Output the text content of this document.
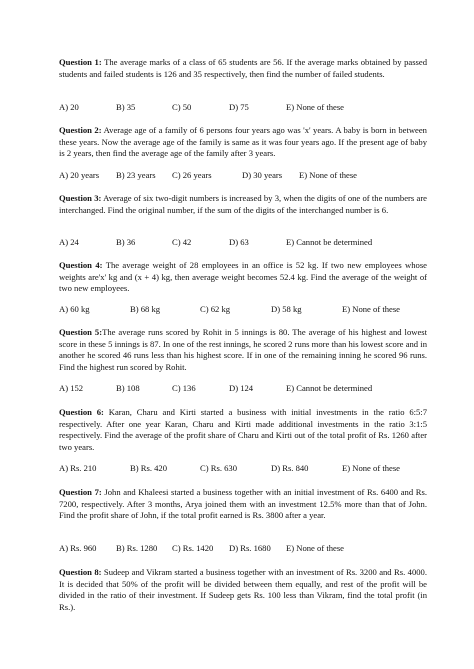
Question 1: The average marks of a class of 65 students are 56. If the average marks obtained by passed students and failed students is 126 and 35 respectively, then find the number of failed students.
A) 20	B) 35	C) 50	D) 75	E) None of these
Question 2: Average age of a family of 6 persons four years ago was 'x' years. A baby is born in between these years. Now the average age of the family is same as it was four years ago. If the present age of baby is 2 years, then find the average age of the family after 3 years.
A) 20 years B) 23 years C) 26 years	D) 30 years E) None of these
Question 3: Average of six two-digit numbers is increased by 3, when the digits of one of the numbers are interchanged. Find the original number, if the sum of the digits of the interchanged number is 6.
A) 24	B) 36	C) 42	D) 63	E) Cannot be determined
Question 4: The average weight of 28 employees in an office is 52 kg. If two new employees whose weights are'x' kg and (x + 4) kg, then average weight becomes 52.4 kg. Find the average of the weight of two new employees.
A) 60 kg	B) 68 kg	C) 62 kg	D) 58 kg	E) None of these
Question 5:The average runs scored by Rohit in 5 innings is 80. The average of his highest and lowest score in these 5 innings is 87. In one of the rest innings, he scored 2 runs more than his lowest score and in another he scored 46 runs less than his highest score. If in one of the remaining inning he scored 96 runs. Find the highest run scored by Rohit.
A) 152	B) 108	C) 136	D) 124	E) Cannot be determined
Question 6: Karan, Charu and Kirti started a business with initial investments in the ratio 6:5:7 respectively. After one year Karan, Charu and Kirti made additional investments in the ratio 3:1:5 respectively. Find the average of the profit share of Charu and Kirti out of the total profit of Rs. 1260 after two years.
A) Rs. 210	B) Rs. 420	C) Rs. 630	D) Rs. 840	E) None of these
Question 7: John and Khaleesi started a business together with an initial investment of Rs. 6400 and Rs. 7200, respectively. After 3 months, Arya joined them with an investment 12.5% more than that of John. Find the profit share of John, if the total profit earned is Rs. 3800 after a year.
A) Rs. 960 B) Rs. 1280 C) Rs. 1420 D) Rs. 1680 E) None of these
Question 8: Sudeep and Vikram started a business together with an investment of Rs. 3200 and Rs. 4000. It is decided that 50% of the profit will be divided between them equally, and rest of the profit will be divided in the ratio of their investment. If Sudeep gets Rs. 100 less than Vikram, find the total profit (in Rs.).
